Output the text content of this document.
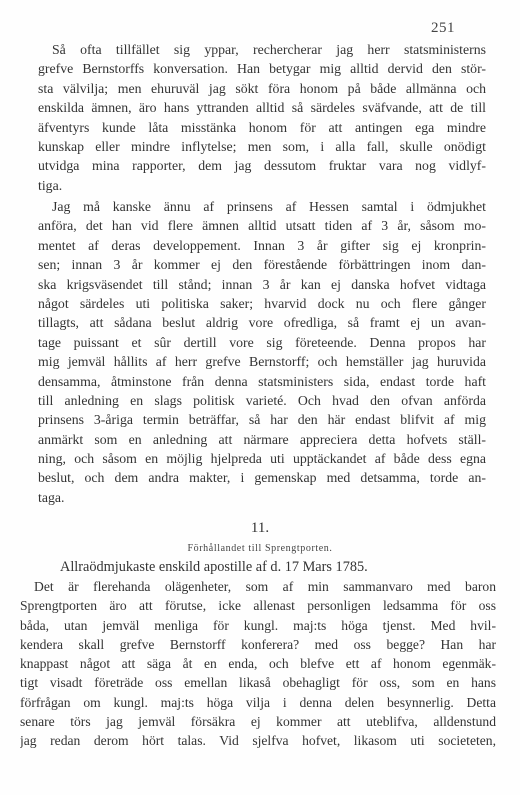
251
Så ofta tillfället sig yppar, rechercherar jag herr statsministerns
grefve Bernstorffs konversation. Han betygar mig alltid dervid den stör-
sta välvilja; men ehuruväl jag sökt föra honom på både allmänna och
enskilda ämnen, äro hans yttranden alltid så särdeles sväfvande, att de till
äfventyrs kunde låta misstänka honom för att antingen ega mindre
kunskap eller mindre inflytelse; men som, i alla fall, skulle onödigt
utvidga mina rapporter, dem jag dessutom fruktar vara nog vidlyf-
tiga.
Jag må kanske ännu af prinsens af Hessen samtal i ödmjukhet
anföra, det han vid flere ämnen alltid utsatt tiden af 3 år, såsom mo-
mentet af deras developpement. Innan 3 år gifter sig ej kronprin-
sen; innan 3 år kommer ej den förestående förbättringen inom dan-
ska krigsväsendet till stånd; innan 3 år kan ej danska hofvet vidtaga
något särdeles uti politiska saker; hvarvid dock nu och flere gånger
tillagts, att sådana beslut aldrig vore ofredliga, så framt ej un avan-
tage puissant et sûr dertill vore sig företeende. Denna propos har
mig jemväl hållits af herr grefve Bernstorff; och hemställer jag huruvida
densamma, åtminstone från denna statsministers sida, endast torde haft
till anledning en slags politisk varieté. Och hvad den ofvan anförda
prinsens 3-åriga termin beträffar, så har den här endast blifvit af mig
anmärkt som en anledning att närmare appreciera detta hofvets ställ-
ning, och såsom en möjlig hjelpreda uti upptäckandet af både dess egna
beslut, och dem andra makter, i gemenskap med detsamma, torde an-
taga.
11.
Förhållandet till Sprengtporten.
Allraödmjukaste enskild apostille af d. 17 Mars 1785.
Det är flerehanda olägenheter, som af min sammanvaro med baron
Sprengtporten äro att förutse, icke allenast personligen ledsamma för oss
båda, utan jemväl menliga för kungl. maj:ts höga tjenst. Med hvil-
kendera skall grefve Bernstorff konferera? med oss begge? Han har
knappast något att säga åt en enda, och blefve ett af honom egenmäk-
tigt visadt företräde oss emellan likaså obehagligt för oss, som en hans
förfrågan om kungl. maj:ts höga vilja i denna delen besynnerlig. Detta
senare törs jag jemväl försäkra ej kommer att uteblifva, alldenstund
jag redan derom hört talas. Vid sjelfva hofvet, likasom uti societeten,
